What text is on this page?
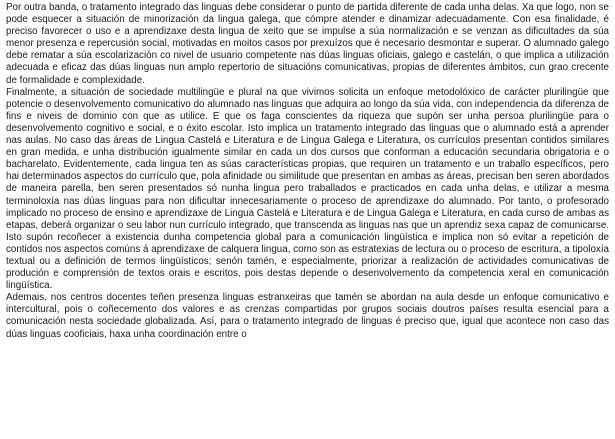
Por outra banda, o tratamento integrado das linguas debe considerar o punto de partida diferente de cada unha delas. Xa que logo, non se pode esquecer a situación de minorización da lingua galega, que cómpre atender e dinamizar adecuadamente. Con esa finalidade, é preciso favorecer o uso e a aprendizaxe desta lingua de xeito que se impulse a súa normalización e se venzan as dificultades da súa menor presenza e repercusión social, motivadas en moitos casos por prexuízos que é necesario desmontar e superar. O alumnado galego debe rematar a súa escolarización co nivel de usuario competente nas dúas linguas oficiais, galego e castelán, o que implica a utilización adecuada e eficaz das dúas linguas nun amplo repertorio de situacións comunicativas, propias de diferentes ámbitos, cun grao crecente de formalidade e complexidade.

Finalmente, a situación de sociedade multilingüe e plural na que vivimos solicita un enfoque metodolóxico de carácter plurilingüe que potencie o desenvolvemento comunicativo do alumnado nas linguas que adquira ao longo da súa vida, con independencia da diferenza de fins e niveis de dominio con que as utilice. E que os faga conscientes da riqueza que supón ser unha persoa plurilingüe para o desenvolvemento cognitivo e social, e o éxito escolar. Isto implica un tratamento integrado das linguas que o alumnado está a aprender nas aulas. No caso das áreas de Lingua Castelá e Literatura e de Lingua Galega e Literatura, os currículos presentan contidos similares en gran medida, e unha distribución igualmente similar en cada un dos cursos que conforman a educación secundaria obrigatoria e o bacharelato. Evidentemente, cada lingua ten as súas características propias, que requiren un tratamento e un traballo específicos, pero hai determinados aspectos do currículo que, pola afinidade ou similitude que presentan en ambas as áreas, precisan ben seren abordados de maneira parella, ben seren presentados só nunha lingua pero traballados e practicados en cada unha delas, e utilizar a mesma terminoloxía nas dúas linguas para non dificultar innecesariamente o proceso de aprendizaxe do alumnado. Por tanto, o profesorado implicado no proceso de ensino e aprendizaxe de Lingua Castelá e Literatura e de Lingua Galega e Literatura, en cada curso de ambas as etapas, deberá organizar o seu labor nun currículo integrado, que transcenda as linguas nas que un aprendiz sexa capaz de comunicarse. Isto supón recoñecer a existencia dunha competencia global para a comunicación lingüística e implica non só evitar a repetición de contidos nos aspectos comúns á aprendizaxe de calquera lingua, como son as estratexias de lectura ou o proceso de escritura, a tipoloxía textual ou a definición de termos lingüísticos; senón tamén, e especialmente, priorizar a realización de actividades comunicativas de produción e comprensión de textos orais e escritos, pois destas depende o desenvolvemento da competencia xeral en comunicación lingüística.

Ademais, nos centros docentes teñen presenza linguas estranxeiras que tamén se abordan na aula desde un enfoque comunicativo e intercultural, pois o coñecemento dos valores e as crenzas compartidas por grupos sociais doutros países resulta esencial para a comunicación nesta sociedade globalizada. Así, para o tratamento integrado de linguas é preciso que, igual que acontece non caso das dúas linguas cooficiais, haxa unha coordinación entre o
